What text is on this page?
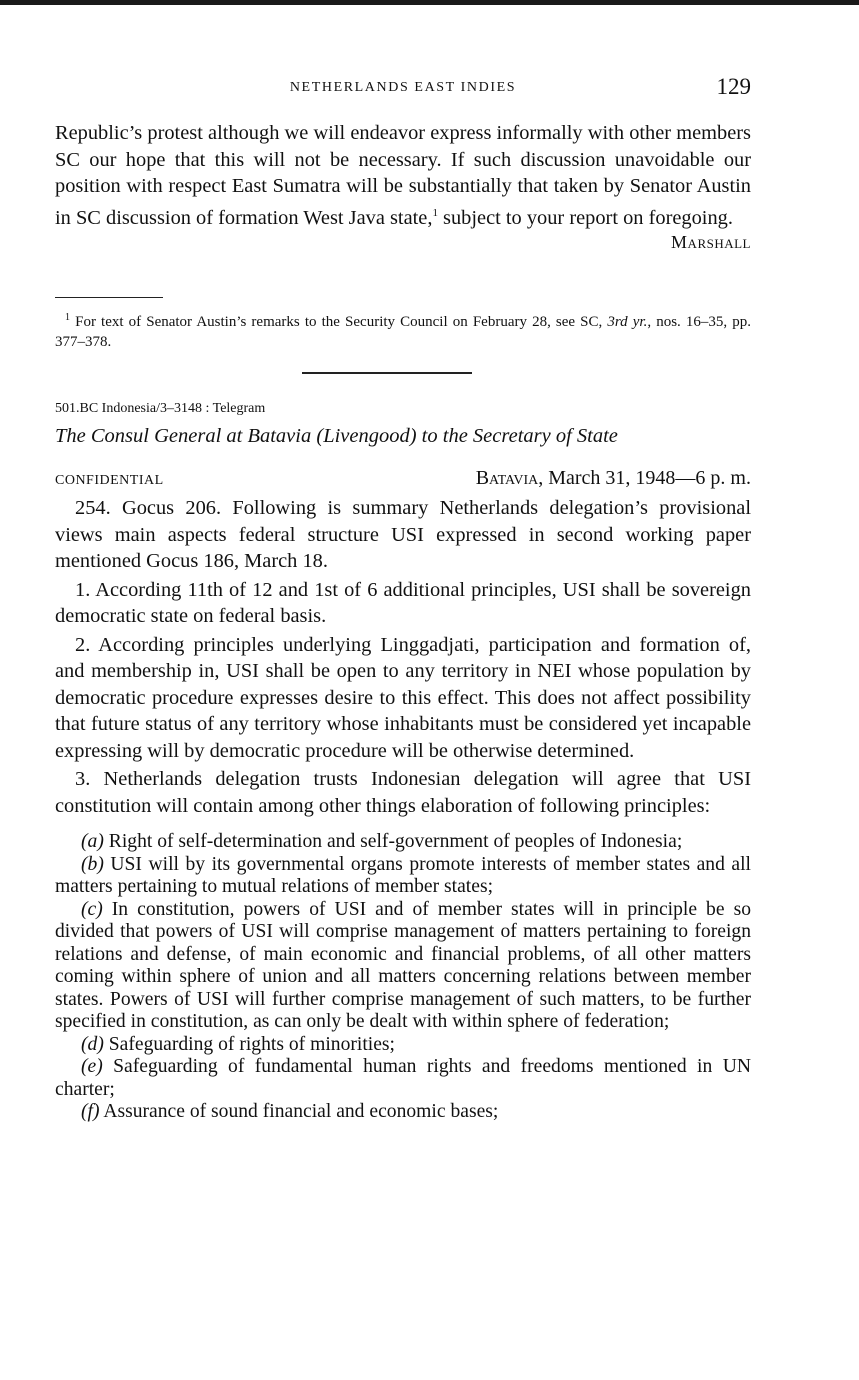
NETHERLANDS EAST INDIES	129

Republic’s protest although we will endeavor express informally with other members SC our hope that this will not be necessary. If such discussion unavoidable our position with respect East Sumatra will be substantially that taken by Senator Austin in SC discussion of formation West Java state,$^1$ subject to your report on foregoing.

Marshall

$^1$ For text of Senator Austin’s remarks to the Security Council on February 28, see SC, 3rd yr., nos. 16–35, pp. 377–378.

501.BC Indonesia/3–3148 : Telegram

The Consul General at Batavia (Livengood) to the Secretary of State

CONFIDENTIAL	Batavia, March 31, 1948—6 p. m.

254. Gocus 206. Following is summary Netherlands delegation’s provisional views main aspects federal structure USI expressed in second working paper mentioned Gocus 186, March 18.

1. According 11th of 12 and 1st of 6 additional principles, USI shall be sovereign democratic state on federal basis.

2. According principles underlying Linggadjati, participation and formation of, and membership in, USI shall be open to any territory in NEI whose population by democratic procedure expresses desire to this effect. This does not affect possibility that future status of any territory whose inhabitants must be considered yet incapable expressing will by democratic procedure will be otherwise determined.

3. Netherlands delegation trusts Indonesian delegation will agree that USI constitution will contain among other things elaboration of following principles:

(a) Right of self-determination and self-government of peoples of Indonesia;

(b) USI will by its governmental organs promote interests of member states and all matters pertaining to mutual relations of member states;

(c) In constitution, powers of USI and of member states will in principle be so divided that powers of USI will comprise management of matters pertaining to foreign relations and defense, of main economic and financial problems, of all other matters coming within sphere of union and all matters concerning relations between member states. Powers of USI will further comprise management of such matters, to be further specified in constitution, as can only be dealt with within sphere of federation;

(d) Safeguarding of rights of minorities;

(e) Safeguarding of fundamental human rights and freedoms mentioned in UN charter;

(f) Assurance of sound financial and economic bases;
